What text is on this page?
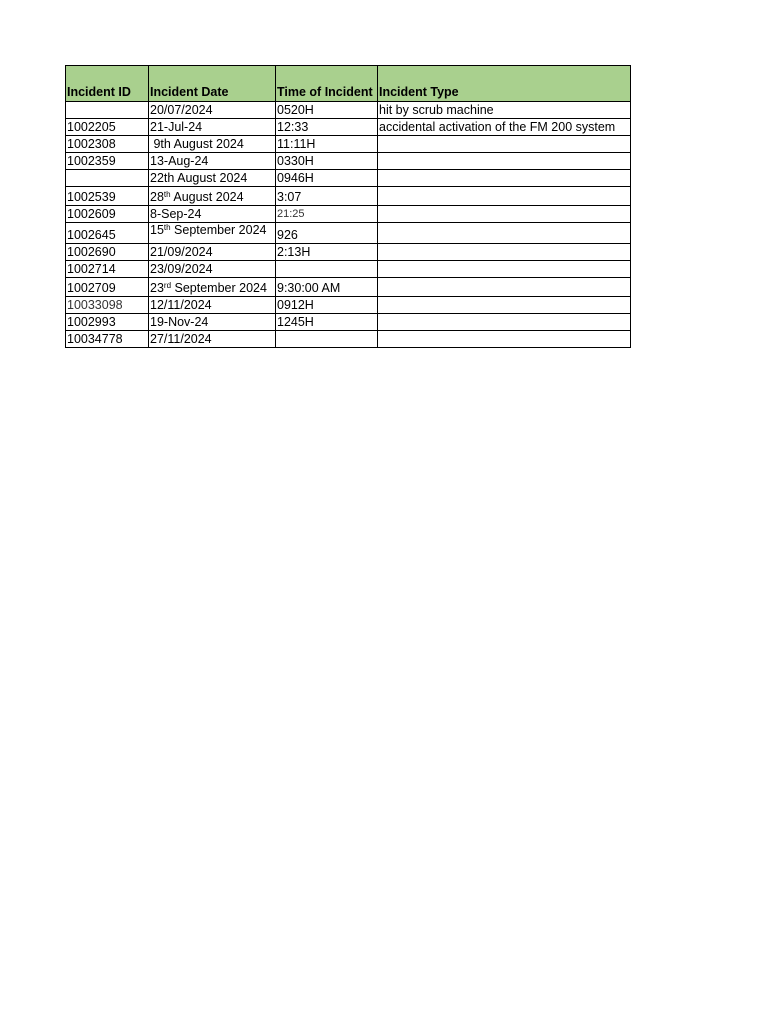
Incident ID	Incident Date	Time of Incident	Incident Type
	20/07/2024	0520H	hit by scrub machine
1002205	21-Jul-24	12:33	accidental activation of the FM 200 system
1002308	9th August 2024	11:11H	
1002359	13-Aug-24	0330H	
	22th August 2024	0946H	
1002539	28th August 2024	3:07	
1002609	8-Sep-24	21:25	
1002645	15th September 2024	926	
1002690	21/09/2024	2:13H	
1002714	23/09/2024		
1002709	23rd September 2024	9:30:00 AM	
10033098	12/11/2024	0912H	
1002993	19-Nov-24	1245H	
10034778	27/11/2024		
